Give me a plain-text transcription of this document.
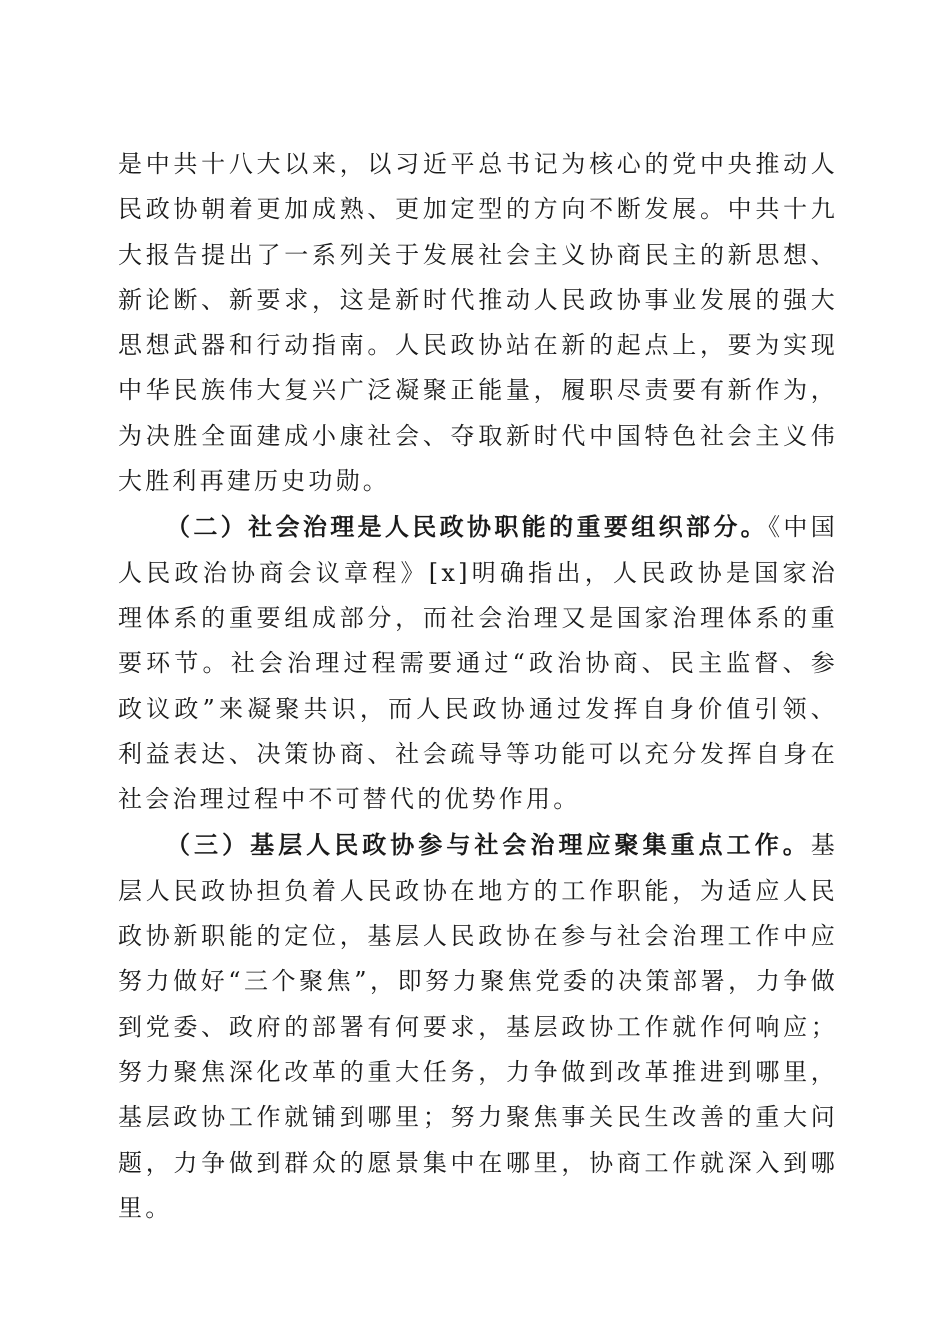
是中共十八大以来，以习近平总书记为核心的党中央推动人民政协朝着更加成熟、更加定型的方向不断发展。中共十九大报告提出了一系列关于发展社会主义协商民主的新思想、新论断、新要求，这是新时代推动人民政协事业发展的强大思想武器和行动指南。人民政协站在新的起点上，要为实现中华民族伟大复兴广泛凝聚正能量，履职尽责要有新作为，为决胜全面建成小康社会、夺取新时代中国特色社会主义伟大胜利再建历史功勋。

（二）社会治理是人民政协职能的重要组织部分。《中国人民政治协商会议章程》[x]明确指出，人民政协是国家治理体系的重要组成部分，而社会治理又是国家治理体系的重要环节。社会治理过程需要通过“政治协商、民主监督、参政议政”来凝聚共识，而人民政协通过发挥自身价值引领、利益表达、决策协商、社会疏导等功能可以充分发挥自身在社会治理过程中不可替代的优势作用。

（三）基层人民政协参与社会治理应聚集重点工作。基层人民政协担负着人民政协在地方的工作职能，为适应人民政协新职能的定位，基层人民政协在参与社会治理工作中应努力做好“三个聚焦”，即努力聚焦党委的决策部署，力争做到党委、政府的部署有何要求，基层政协工作就作何响应；努力聚焦深化改革的重大任务，力争做到改革推进到哪里，基层政协工作就铺到哪里；努力聚焦事关民生改善的重大问题，力争做到群众的愿景集中在哪里，协商工作就深入到哪里。
